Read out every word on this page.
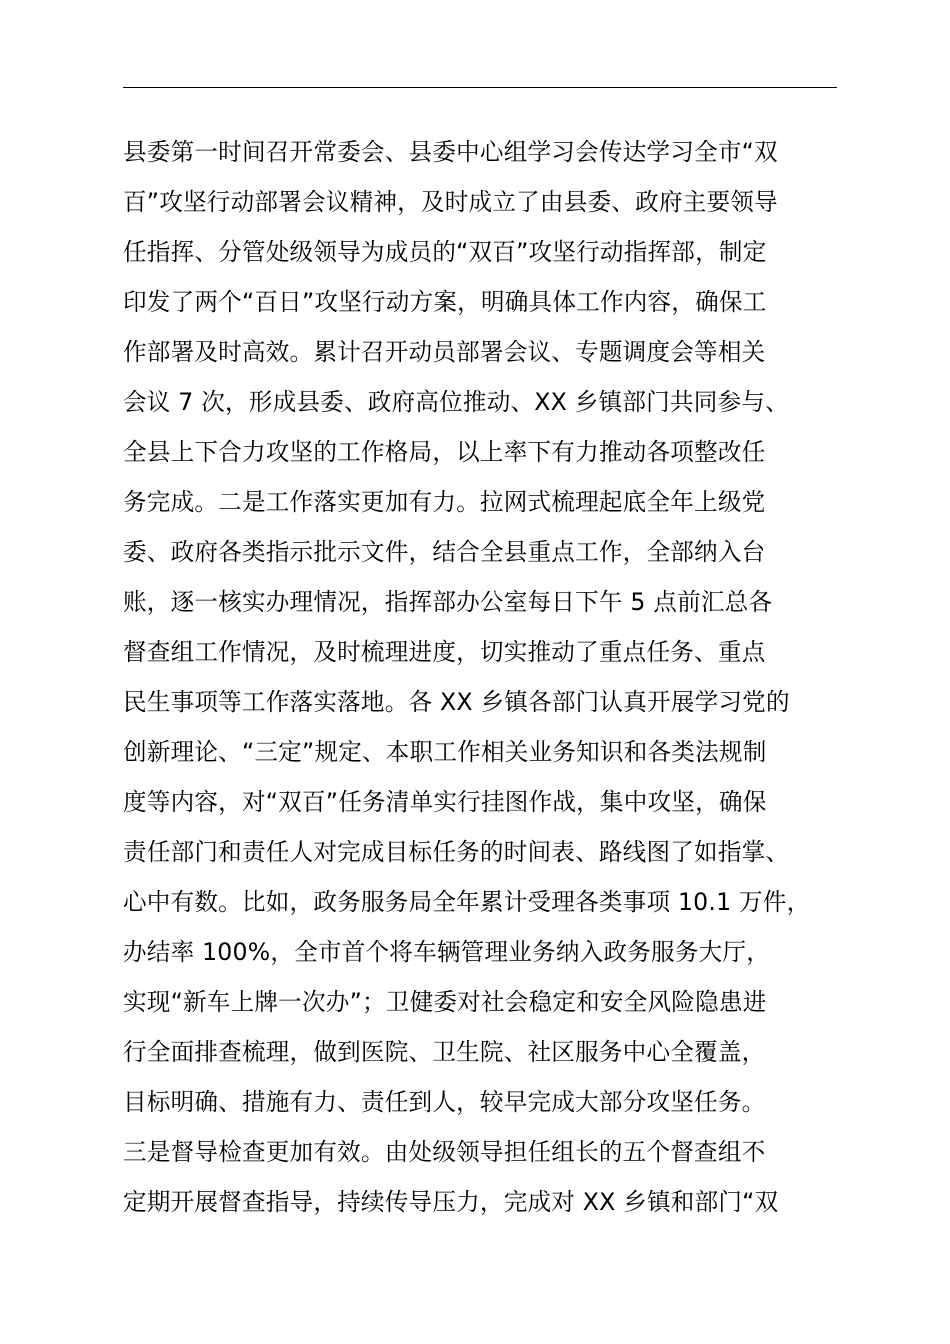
县委第一时间召开常委会、县委中心组学习会传达学习全市“双
百”攻坚行动部署会议精神，及时成立了由县委、政府主要领导
任指挥、分管处级领导为成员的“双百”攻坚行动指挥部，制定
印发了两个“百日”攻坚行动方案，明确具体工作内容，确保工
作部署及时高效。累计召开动员部署会议、专题调度会等相关
会议 7 次，形成县委、政府高位推动、XX 乡镇部门共同参与、
全县上下合力攻坚的工作格局，以上率下有力推动各项整改任
务完成。二是工作落实更加有力。拉网式梳理起底全年上级党
委、政府各类指示批示文件，结合全县重点工作，全部纳入台
账，逐一核实办理情况，指挥部办公室每日下午 5 点前汇总各
督查组工作情况，及时梳理进度，切实推动了重点任务、重点
民生事项等工作落实落地。各 XX 乡镇各部门认真开展学习党的
创新理论、“三定”规定、本职工作相关业务知识和各类法规制
度等内容，对“双百”任务清单实行挂图作战，集中攻坚，确保
责任部门和责任人对完成目标任务的时间表、路线图了如指掌、
心中有数。比如，政务服务局全年累计受理各类事项 10.1 万件，
办结率 100%，全市首个将车辆管理业务纳入政务服务大厅，
实现“新车上牌一次办”；卫健委对社会稳定和安全风险隐患进
行全面排查梳理，做到医院、卫生院、社区服务中心全覆盖，
目标明确、措施有力、责任到人，较早完成大部分攻坚任务。
三是督导检查更加有效。由处级领导担任组长的五个督查组不
定期开展督查指导，持续传导压力，完成对 XX 乡镇和部门“双
